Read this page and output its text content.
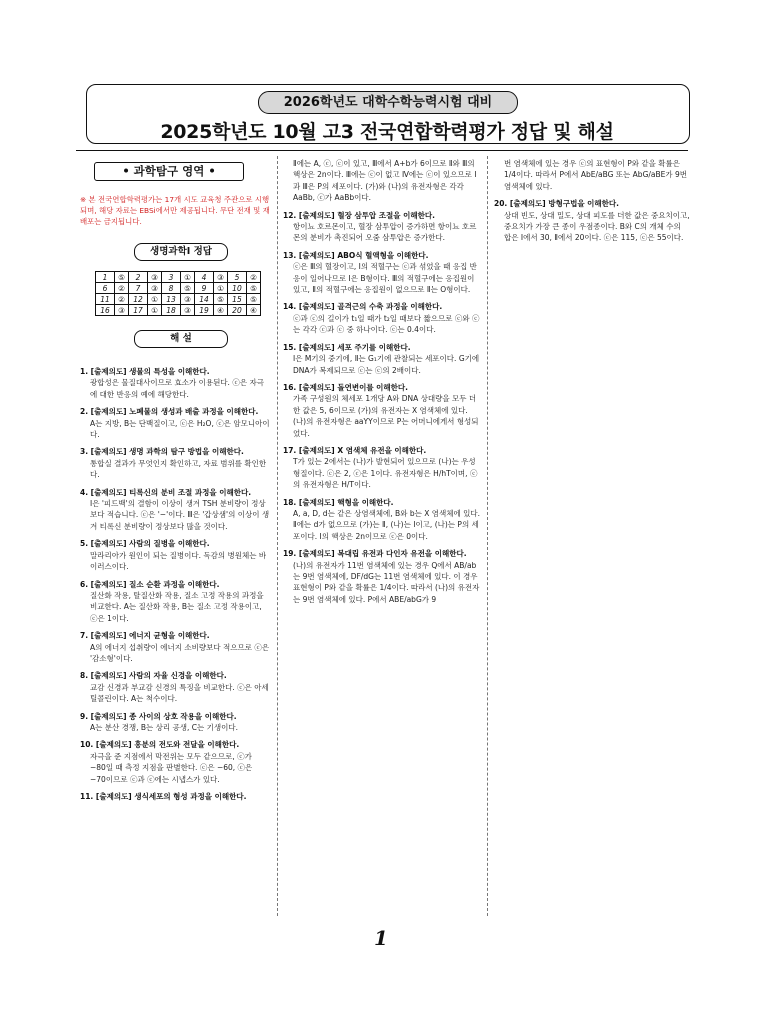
2026학년도 대학수학능력시험 대비
2025학년도 10월 고3 전국연합학력평가 정답 및 해설
• 과학탐구 영역 •
※ 본 전국연합학력평가는 17개 시도 교육청 주관으로 시행되며, 해당 자료는 EBSi에서만 제공됩니다. 무단 전재 및 재배포는 금지됩니다.
생명과학Ⅰ 정답
1	⑤	2	③	3	①	4	③	5	②
6	②	7	③	8	⑤	9	①	10	⑤
11	②	12	①	13	③	14	⑤	15	⑤
16	③	17	①	18	③	19	④	20	④
해 설
1. [출제의도] 생물의 특성을 이해한다.
광합성은 물질대사이므로 효소가 이용된다. ⓒ은 자극에 대한 반응의 예에 해당한다.
2. [출제의도] 노폐물의 생성과 배출 과정을 이해한다.
A는 지방, B는 단백질이고, ⓒ은 H₂O, ⓒ은 암모니아이다.
3. [출제의도] 생명 과학의 탐구 방법을 이해한다.
통합실 결과가 무엇인지 확인하고, 자료 범위를 확인한다.
4. [출제의도] 티록신의 분비 조절 과정을 이해한다.
Ⅰ은 '피드백'의 결함이 이상이 생겨 TSH 분비량이 정상보다 적습니다. ⓒ은 '−'이다. Ⅲ은 '갑상샘'의 이상이 생겨 티록신 분비량이 정상보다 많을 것이다.
5. [출제의도] 사람의 질병을 이해한다.
말라리아가 원인이 되는 질병이다. 독감의 병원체는 바이러스이다.
6. [출제의도] 질소 순환 과정을 이해한다.
질산화 작용, 탈질산화 작용, 질소 고정 작용의 과정을 비교한다. A는 질산화 작용, B는 질소 고정 작용이고, ⓒ은 1이다.
7. [출제의도] 에너지 균형을 이해한다.
A의 에너지 섭취량이 에너지 소비량보다 적으므로 ⓒ은 '감소형'이다.
8. [출제의도] 사람의 자율 신경을 이해한다.
교감 신경과 부교감 신경의 특징을 비교한다. ⓒ은 아세틸콜린이다. A는 척수이다.
9. [출제의도] 종 사이의 상호 작용을 이해한다.
A는 분산 경쟁, B는 상리 공생, C는 기생이다.
10. [출제의도] 흥분의 전도와 전달을 이해한다.
자극을 준 지점에서 막전위는 모두 같으므로, ⓒ가 −80일 때 측정 지점을 판별한다. ⓒ은 −60, ⓒ은 −70이므로 ⓒ과 ⓒ에는 시냅스가 있다.
11. [출제의도] 생식세포의 형성 과정을 이해한다.
Ⅱ에는 A, ⓒ, ⓒ이 있고, Ⅲ에서 A+b가 6이므로 Ⅱ와 Ⅲ의 핵상은 2n이다. Ⅲ에는 ⓒ이 없고 Ⅳ에는 ⓒ이 있으므로 Ⅰ과 Ⅲ은 P의 세포이다. (가)와 (나)의 유전자형은 각각 AaBb, ⓒ가 AaBb이다.
12. [출제의도] 혈장 삼투압 조절을 이해한다.
항이뇨 호르몬이고, 혈장 삼투압이 증가하면 항이뇨 호르몬의 분비가 촉진되어 오줌 삼투압은 증가한다.
13. [출제의도] ABO식 혈액형을 이해한다.
ⓒ은 Ⅲ의 혈장이고, Ⅰ의 적혈구는 ⓒ과 섞었을 때 응집 반응이 일어나므로 Ⅰ은 B형이다. Ⅲ의 적혈구에는 응집원이 있고, Ⅱ의 적혈구에는 응집원이 없으므로 Ⅱ는 O형이다.
14. [출제의도] 골격근의 수축 과정을 이해한다.
ⓒ과 ⓒ의 길이가 t₁일 때가 t₂일 때보다 짧으므로 ⓒ와 ⓒ는 각각 ⓒ과 ⓒ 중 하나이다. ⓒ는 0.4이다.
15. [출제의도] 세포 주기를 이해한다.
Ⅰ은 M기의 중기에, Ⅱ는 G₁기에 관찰되는 세포이다. G기에 DNA가 복제되므로 ⓒ는 ⓒ의 2배이다.
16. [출제의도] 돌연변이를 이해한다.
가족 구성원의 체세포 1개당 A와 DNA 상대량을 모두 더한 값은 5, 6이므로 (가)의 유전자는 X 염색체에 있다. (나)의 유전자형은 aaYY이므로 P는 어머니에게서 형성되었다.
17. [출제의도] X 염색체 유전을 이해한다.
T가 있는 2에서는 (나)가 발현되어 있으므로 (나)는 우성 형질이다. ⓒ은 2, ⓒ은 1이다. 유전자형은 H/hT이며, ⓒ의 유전자형은 H/T이다.
18. [출제의도] 핵형을 이해한다.
A, a, D, d는 같은 상염색체에, B와 b는 X 염색체에 있다. Ⅱ에는 d가 없으므로 (가)는 Ⅱ, (나)는 Ⅰ이고, (나)는 P의 세포이다. Ⅰ의 핵상은 2n이므로 ⓒ은 0이다.
19. [출제의도] 복대립 유전과 다인자 유전을 이해한다.
(나)의 유전자가 11번 염색체에 있는 경우 Q에서 AB/ab는 9번 염색체에, DF/dG는 11번 염색체에 있다. 이 경우 표현형이 P와 같을 확률은 1/4이다. 따라서 (나)의 유전자는 9번 염색체에 있다. P에서 ABE/abG가 9
번 염색체에 있는 경우 ⓒ의 표현형이 P와 같을 확률은 1/4이다. 따라서 P에서 AbE/aBG 또는 AbG/aBE가 9번 염색체에 있다.
20. [출제의도] 방형구법을 이해한다.
상대 빈도, 상대 밀도, 상대 피도를 더한 값은 중요치이고, 중요치가 가장 큰 종이 우점종이다. B와 C의 개체 수의 합은 Ⅰ에서 30, Ⅱ에서 20이다. ⓒ은 115, ⓒ은 55이다.
1
